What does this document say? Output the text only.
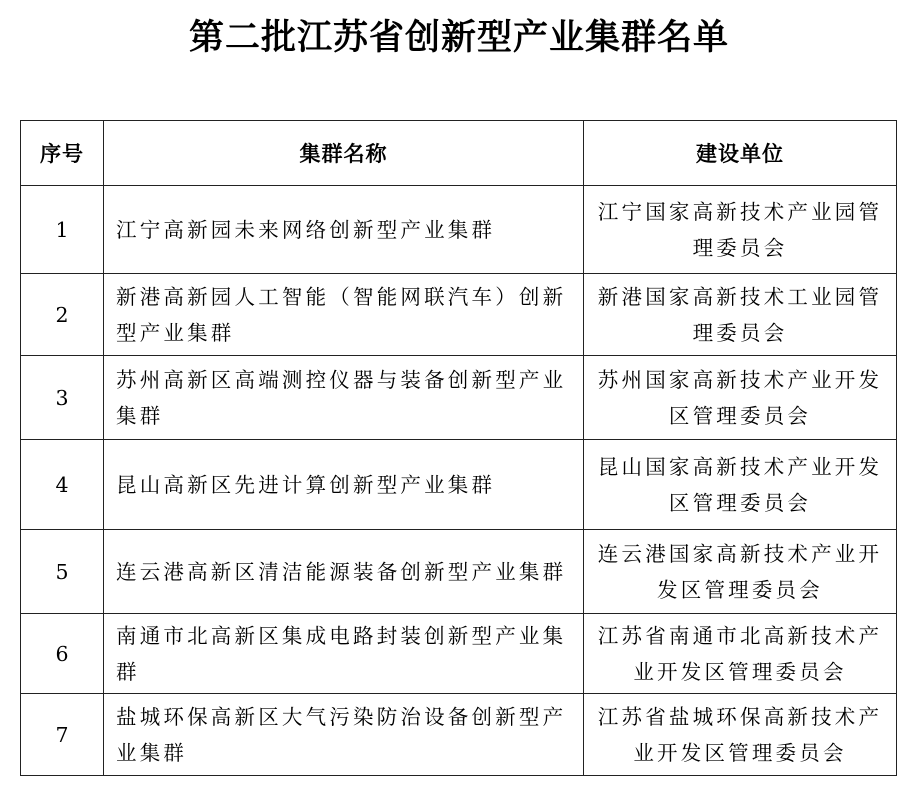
第二批江苏省创新型产业集群名单
序号	集群名称	建设单位
1	江宁高新园未来网络创新型产业集群	江宁国家高新技术产业园管理委员会
2	新港高新园人工智能（智能网联汽车）创新型产业集群	新港国家高新技术工业园管理委员会
3	苏州高新区高端测控仪器与装备创新型产业集群	苏州国家高新技术产业开发区管理委员会
4	昆山高新区先进计算创新型产业集群	昆山国家高新技术产业开发区管理委员会
5	连云港高新区清洁能源装备创新型产业集群	连云港国家高新技术产业开发区管理委员会
6	南通市北高新区集成电路封装创新型产业集群	江苏省南通市北高新技术产业开发区管理委员会
7	盐城环保高新区大气污染防治设备创新型产业集群	江苏省盐城环保高新技术产业开发区管理委员会
